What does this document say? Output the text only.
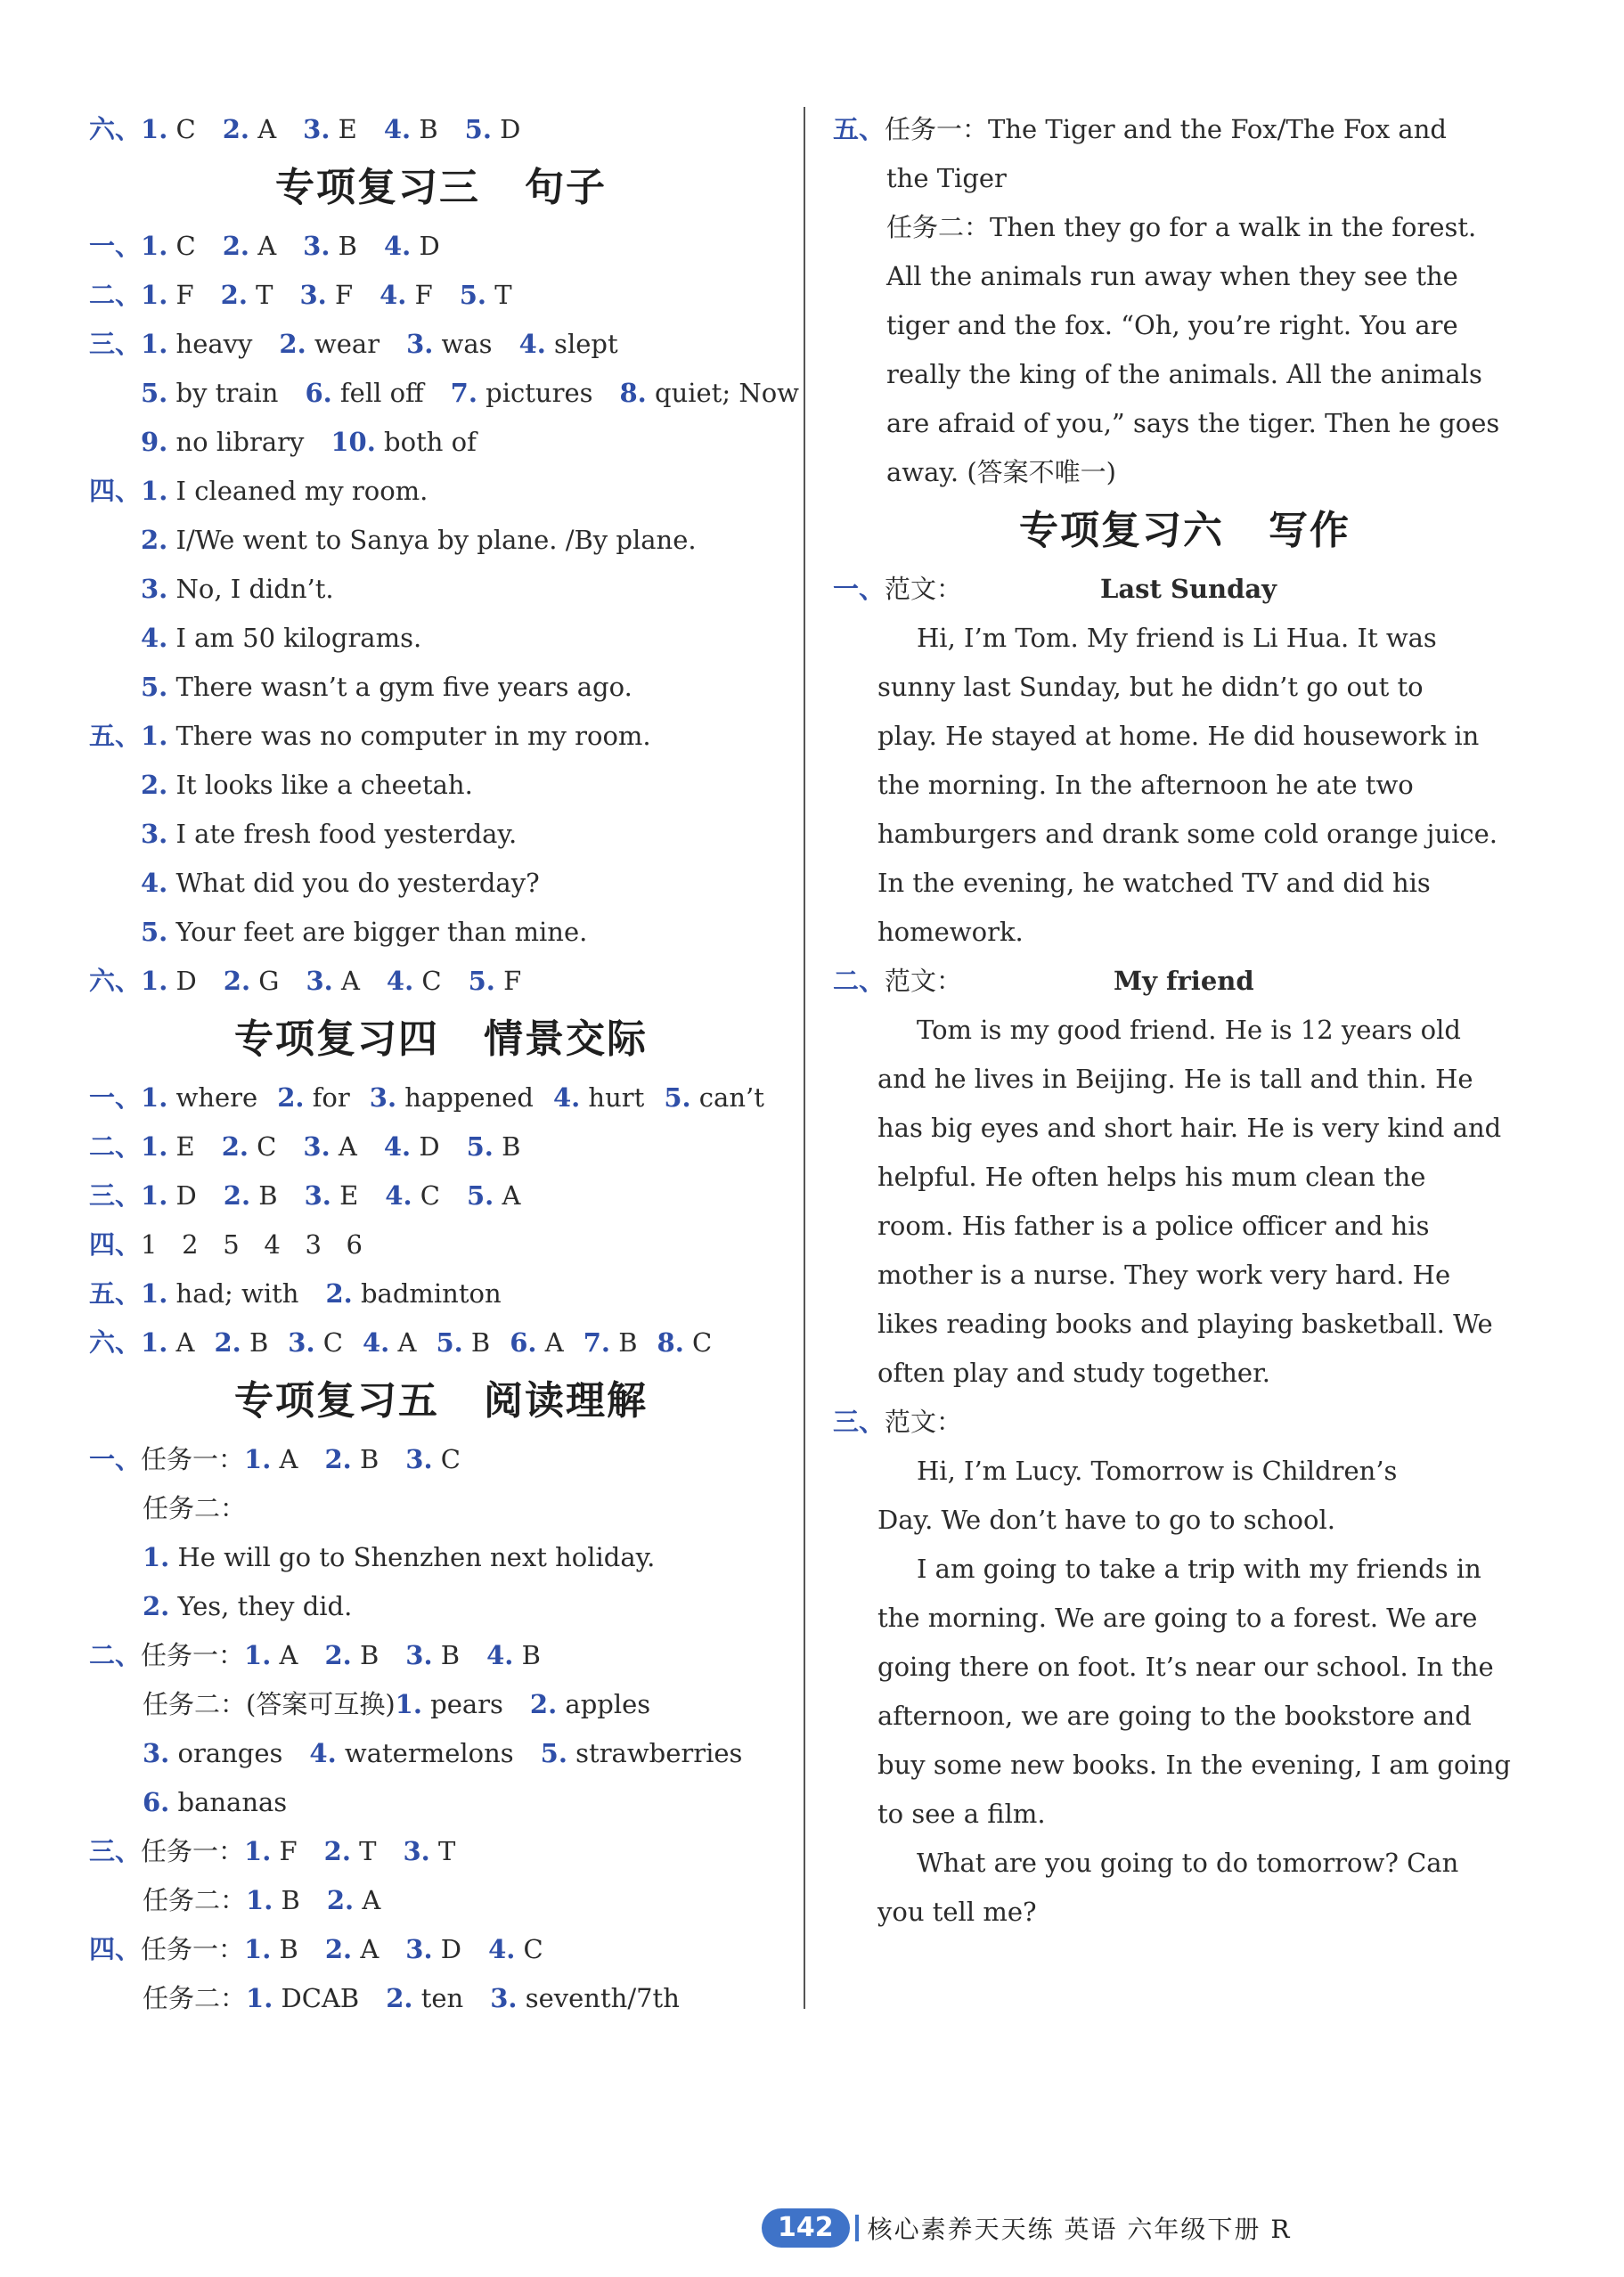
六、1. C 2. A 3. E 4. B 5. D
专项复习三 句子
一、1. C 2. A 3. B 4. D
二、1. F 2. T 3. F 4. F 5. T
三、1. heavy 2. wear 3. was 4. slept
5. by train 6. fell off 7. pictures 8. quiet; Now
9. no library 10. both of
四、1. I cleaned my room.
2. I/We went to Sanya by plane. /By plane.
3. No, I didn’t.
4. I am 50 kilograms.
5. There wasn’t a gym five years ago.
五、1. There was no computer in my room.
2. It looks like a cheetah.
3. I ate fresh food yesterday.
4. What did you do yesterday?
5. Your feet are bigger than mine.
六、1. D 2. G 3. A 4. C 5. F
专项复习四 情景交际
一、1. where 2. for 3. happened 4. hurt 5. can’t
二、1. E 2. C 3. A 4. D 5. B
三、1. D 2. B 3. E 4. C 5. A
四、1   2   5   4   3   6
五、1. had; with 2. badminton
六、1. A 2. B 3. C 4. A 5. B 6. A 7. B 8. C
专项复习五 阅读理解
一、任务一：1. A 2. B 3. C
任务二：
1. He will go to Shenzhen next holiday.
2. Yes, they did.
二、任务一：1. A 2. B 3. B 4. B
任务二：(答案可互换)1. pears 2. apples
3. oranges 4. watermelons 5. strawberries
6. bananas
三、任务一：1. F 2. T 3. T
任务二：1. B 2. A
四、任务一：1. B 2. A 3. D 4. C
任务二：1. DCAB 2. ten 3. seventh/7th
五、任务一：The Tiger and the Fox/The Fox and
the Tiger
任务二：Then they go for a walk in the forest.
All the animals run away when they see the
tiger and the fox. “Oh, you’re right. You are
really the king of the animals. All the animals
are afraid of you,” says the tiger. Then he goes
away. (答案不唯一)
专项复习六 写作
一、范文：	Last Sunday
Hi, I’m Tom. My friend is Li Hua. It was
sunny last Sunday, but he didn’t go out to
play. He stayed at home. He did housework in
the morning. In the afternoon he ate two
hamburgers and drank some cold orange juice.
In the evening, he watched TV and did his
homework.
二、范文：	My friend
Tom is my good friend. He is 12 years old
and he lives in Beijing. He is tall and thin. He
has big eyes and short hair. He is very kind and
helpful. He often helps his mum clean the
room. His father is a police officer and his
mother is a nurse. They work very hard. He
likes reading books and playing basketball. We
often play and study together.
三、范文：
Hi, I’m Lucy. Tomorrow is Children’s
Day. We don’t have to go to school.
I am going to take a trip with my friends in
the morning. We are going to a forest. We are
going there on foot. It’s near our school. In the
afternoon, we are going to the bookstore and
buy some new books. In the evening, I am going
to see a film.
What are you going to do tomorrow? Can
you tell me?
142	核心素养天天练 英语 六年级下册 R
